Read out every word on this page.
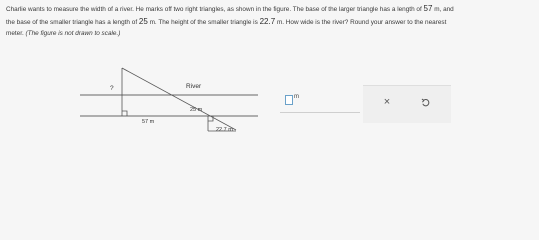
Charlie wants to measure the width of a river. He marks off two right triangles, as shown in the figure. The base of the larger triangle has a length of 57 m, and
the base of the smaller triangle has a length of 25 m. The height of the smaller triangle is 22.7 m. How wide is the river? Round your answer to the nearest
meter. (The figure is not drawn to scale.)

River
?
25 m
57 m
22.7 m
m	×
